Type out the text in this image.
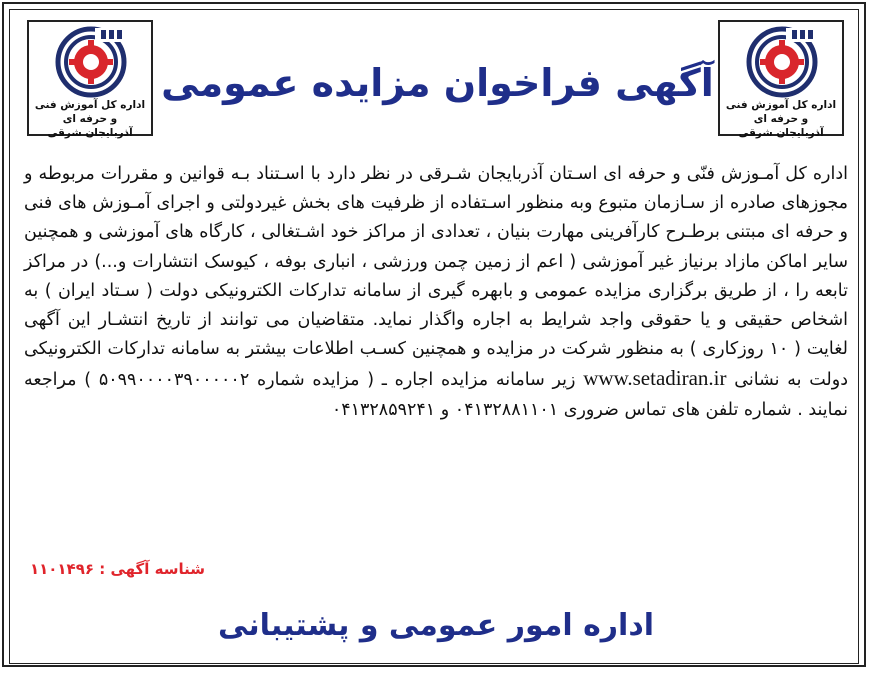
اداره کل آموزش فنی و حرفه ای
آذربایجان شرقی
اداره کل آموزش فنی و حرفه ای
آذربایجان شرقی
آگهی فراخوان مزایده عمومی
اداره کل آمـوزش فنّی و حرفه ای اسـتان آذربایجان شـرقی در نظر دارد با اسـتناد بـه قوانین و مقررات مربوطه و مجوزهای صادره از سـازمان متبوع وبه منظور اسـتفاده از ظرفیت های بخش غیردولتی و اجرای آمـوزش های فنی و حرفه ای مبتنی برطـرح کارآفرینی مهارت بنیان ، تعدادی از مراکز خود اشـتغالی ، کارگاه های آموزشی و همچنین سایر اماکن مازاد برنیاز غیر آموزشی ( اعم از زمین چمن ورزشی ، انباری بوفه ، کیوسک انتشارات و...) در مراکز تابعه را ، از طریق برگزاری مزایده عمومی و بابهره گیری از سامانه تدارکات الکترونیکی دولت ( سـتاد ایران ) به اشخاص حقیقی و یا حقوقی واجد شرایط به اجاره واگذار نماید. متقاضیان می توانند از تاریخ انتشـار این آگهی لغایت ( ۱۰ روزکاری ) به منظور شرکت در مزایده و همچنین کسـب اطلاعات بیشتر به سامانه تدارکات الکترونیکی دولت به نشانی www.setadiran.ir زیر سامانه مزایده اجاره ـ ( مزایده شماره ۵۰۹۹۰۰۰۰۳۹۰۰۰۰۰۲ ) مراجعه نمایند . شماره تلفن های تماس ضروری ۰۴۱۳۲۸۸۱۱۰۱ و ۰۴۱۳۲۸۵۹۲۴۱
شناسه آگهی : ۱۱۰۱۴۹۶
اداره امور عمومی و پشتیبانی
